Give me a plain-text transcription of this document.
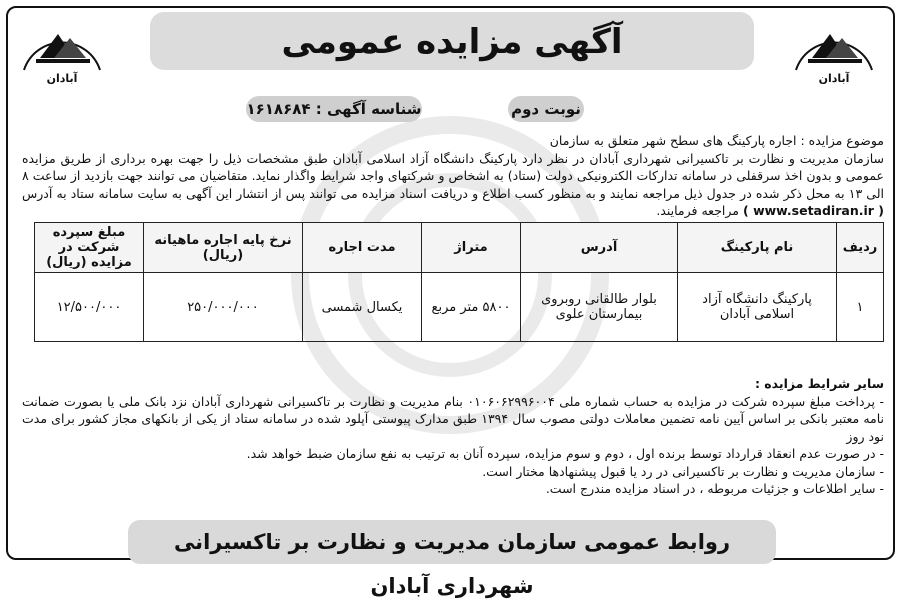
آگهی مزایده عمومی
آبادان	آبادان
نوبت دوم
شناسه آگهی : ۱۶۱۸۶۸۴

موضوع مزایده : اجاره پارکینگ های سطح شهر متعلق به سازمان

سازمان مدیریت و نظارت بر تاکسیرانی شهرداری آبادان در نظر دارد پارکینگ دانشگاه آزاد اسلامی آبادان طبق مشخصات ذیل را جهت بهره برداری از طریق مزایده عمومی و بدون اخذ سرقفلی در سامانه تدارکات الکترونیکی دولت (ستاد) به اشخاص و شرکتهای واجد شرایط واگذار نماید. متقاضیان می توانند جهت بازدید از ساعت ۸ الی ۱۳ به محل ذکر شده در جدول ذیل مراجعه نمایند و به منظور کسب اطلاع و دریافت اسناد مزایده می توانند پس از انتشار این آگهی به سایت سامانه ستاد به آدرس ( www.setadiran.ir ) مراجعه فرمایند.

ردیف	نام پارکینگ	آدرس	متراژ	مدت اجاره	نرخ پایه اجاره ماهیانه (ریال)	مبلغ سپرده شرکت در مزایده (ریال)
۱	پارکینگ دانشگاه آزاد اسلامی آبادان	بلوار طالقانی روبروی بیمارستان علوی	۵۸۰۰ متر مربع	یکسال شمسی	۲۵۰/۰۰۰/۰۰۰	۱۲/۵۰۰/۰۰۰

سایر شرایط مزایده :

- پرداخت مبلغ سپرده شرکت در مزایده به حساب شماره ملی ۰۱۰۶۰۶۲۹۹۶۰۰۴ بنام مدیریت و نظارت بر تاکسیرانی شهرداری آبادان نزد بانک ملی یا بصورت ضمانت نامه معتبر بانکی بر اساس آیین نامه تضمین معاملات دولتی مصوب سال ۱۳۹۴ طبق مدارک پیوستی آپلود شده در سامانه ستاد از یکی از بانکهای مجاز کشور برای مدت نود روز
- در صورت عدم انعقاد قرارداد توسط برنده اول ، دوم و سوم مزایده، سپرده آنان به ترتیب به نفع سازمان ضبط خواهد شد.
- سازمان مدیریت و نظارت بر تاکسیرانی در رد یا قبول پیشنهادها مختار است.
- سایر اطلاعات و جزئیات مربوطه ، در اسناد مزایده مندرج است.
روابط عمومی سازمان مدیریت و نظارت بر تاکسیرانی شهرداری آبادان
